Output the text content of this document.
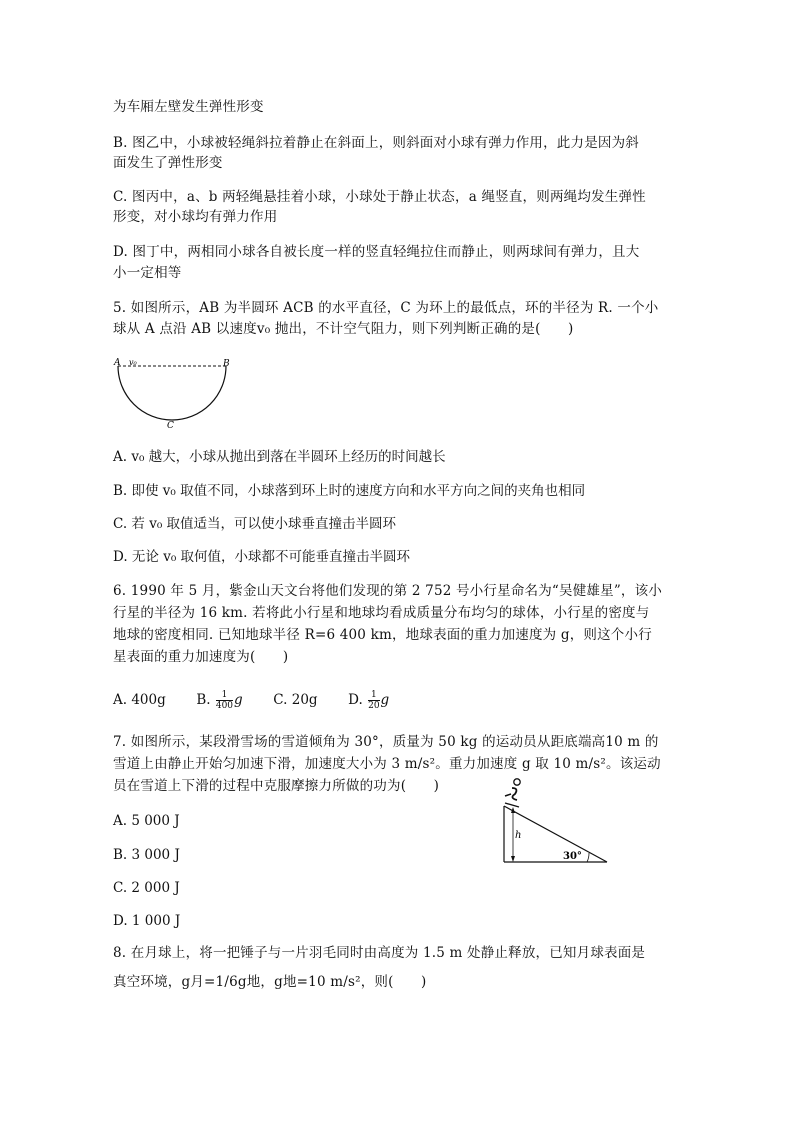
为车厢左壁发生弹性形变
B. 图乙中，小球被轻绳斜拉着静止在斜面上，则斜面对小球有弹力作用，此力是因为斜
面发生了弹性形变
C. 图丙中，a、b 两轻绳悬挂着小球，小球处于静止状态，a 绳竖直，则两绳均发生弹性
形变，对小球均有弹力作用
D. 图丁中，两相同小球各自被长度一样的竖直轻绳拉住而静止，则两球间有弹力，且大
小一定相等
5. 如图所示，AB 为半圆环 ACB 的水平直径，C 为环上的最低点，环的半径为 R. 一个小
球从 A 点沿 AB 以速度v₀ 抛出，不计空气阻力，则下列判断正确的是(　　)
A v₀	B
C
A. v₀ 越大，小球从抛出到落在半圆环上经历的时间越长
B. 即使 v₀ 取值不同，小球落到环上时的速度方向和水平方向之间的夹角也相同
C. 若 v₀ 取值适当，可以使小球垂直撞击半圆环
D. 无论 v₀ 取何值，小球都不可能垂直撞击半圆环
6. 1990 年 5 月，紫金山天文台将他们发现的第 2 752 号小行星命名为“吴健雄星”，该小
行星的半径为 16 km. 若将此小行星和地球均看成质量分布均匀的球体，小行星的密度与
地球的密度相同. 已知地球半径 R=6 400 km，地球表面的重力加速度为 g，则这个小行
星表面的重力加速度为(　　)
A. 400g B. $\frac{1}{400}$ g C. 20g D. $\frac{1}{20}$ g
7. 如图所示，某段滑雪场的雪道倾角为 30°，质量为 50 kg 的运动员从距底端高10 m 的
雪道上由静止开始匀加速下滑，加速度大小为 3 m/s²。重力加速度 g 取 10 m/s²。该运动
员在雪道上下滑的过程中克服摩擦力所做的功为(　　)
h
30°
A. 5 000 J
B. 3 000 J
C. 2 000 J
D. 1 000 J
8. 在月球上，将一把锤子与一片羽毛同时由高度为 1.5 m 处静止释放，已知月球表面是
真空环境，g月=1/6g地，g地=10 m/s²，则(　　)
